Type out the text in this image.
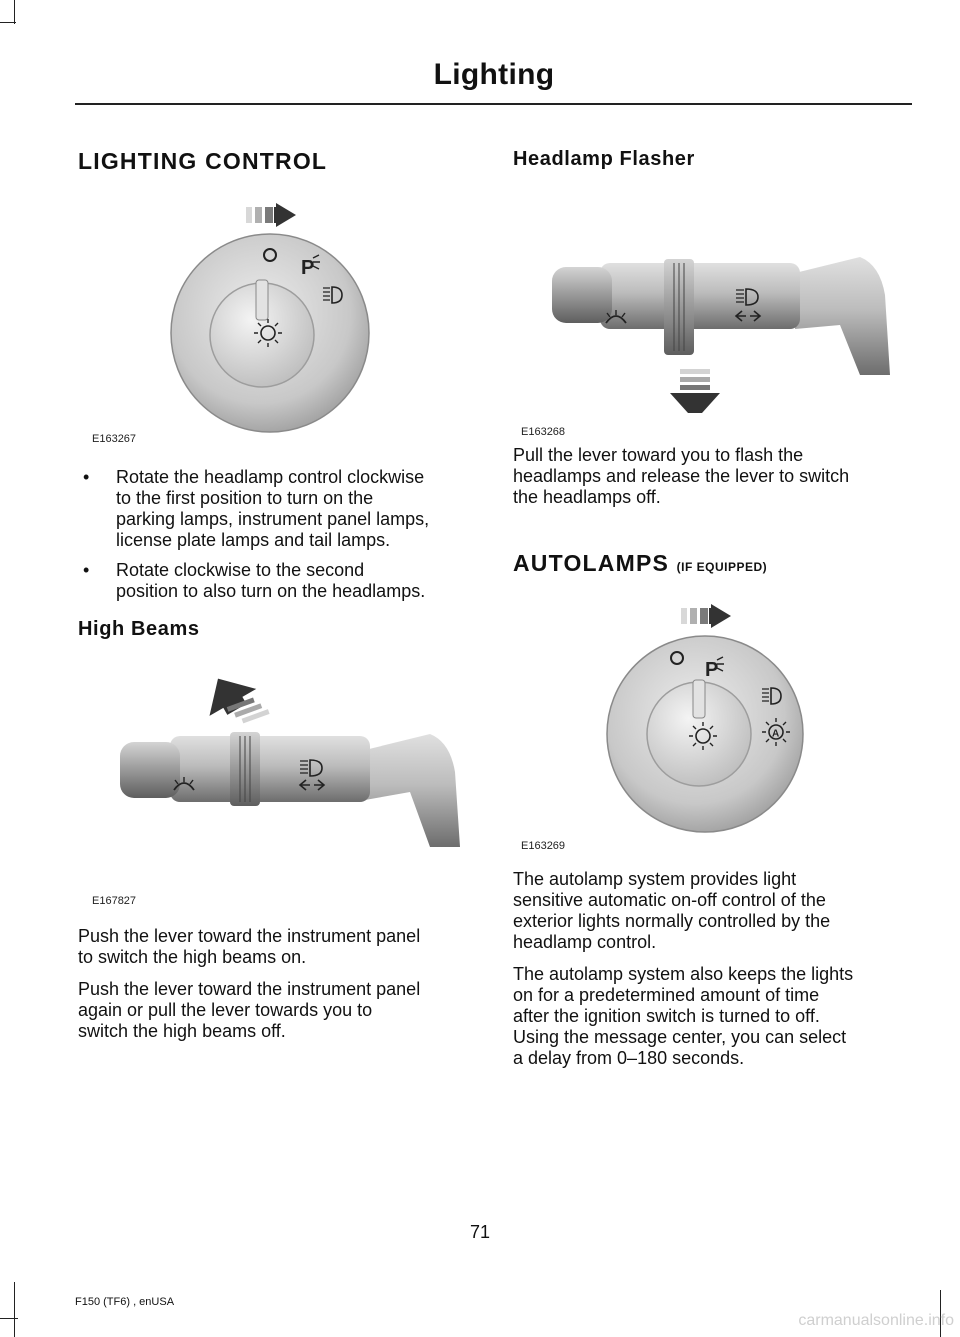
Lighting
LIGHTING CONTROL
P
E163267
• Rotate the headlamp control clockwise
to the first position to turn on the
parking lamps, instrument panel lamps,
license plate lamps and tail lamps.
• Rotate clockwise to the second
position to also turn on the headlamps.
High Beams
E167827
Push the lever toward the instrument panel
to switch the high beams on.
Push the lever toward the instrument panel
again or pull the lever towards you to
switch the high beams off.
Headlamp Flasher
E163268
Pull the lever toward you to flash the
headlamps and release the lever to switch
the headlamps off.
AUTOLAMPS (IF EQUIPPED)
P
A
E163269
The autolamp system provides light
sensitive automatic on-off control of the
exterior lights normally controlled by the
headlamp control.
The autolamp system also keeps the lights
on for a predetermined amount of time
after the ignition switch is turned to off.
Using the message center, you can select
a delay from 0–180 seconds.
71
F150 (TF6) , enUSA
carmanualsonline.info
